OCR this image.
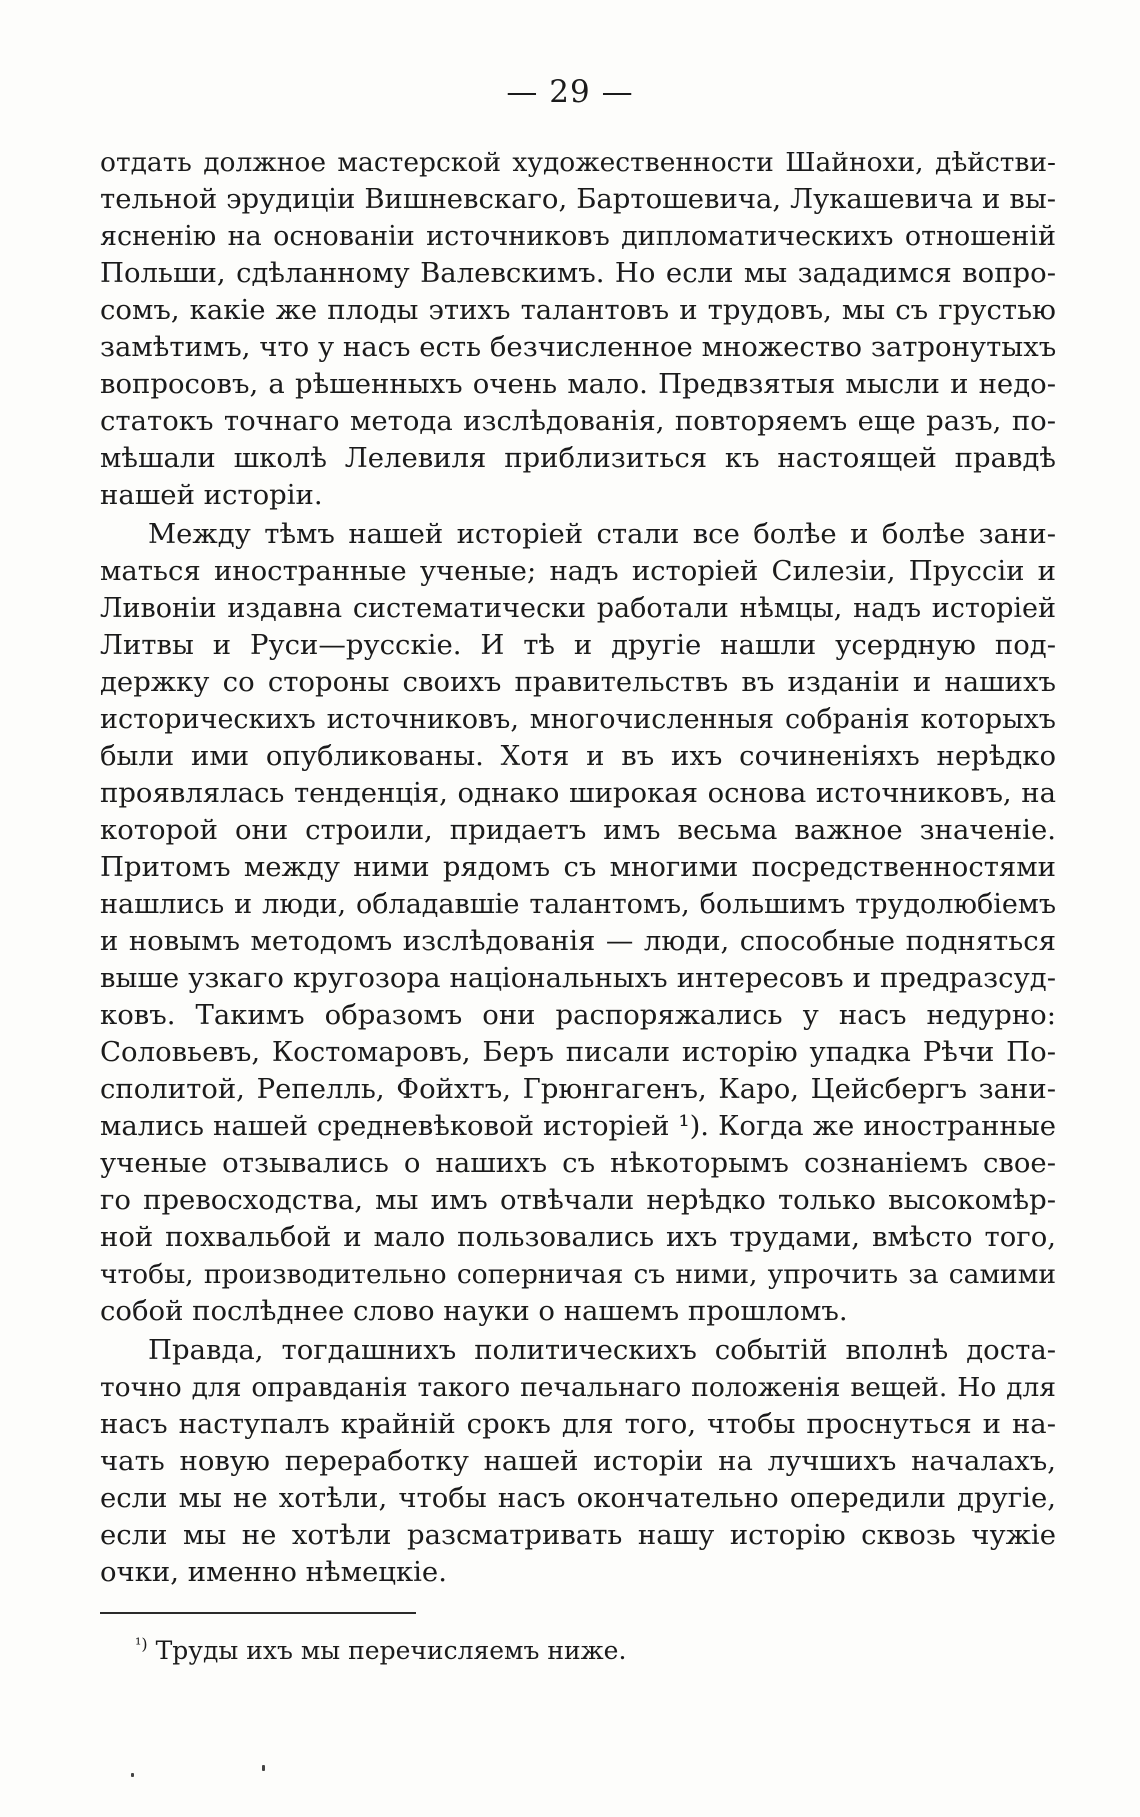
— 29 —
отдать должное мастерской художественности Шайнохи, дѣйстви-
тельной эрудиціи Вишневскаго, Бартошевича, Лукашевича и вы-
ясненію на основаніи источниковъ дипломатическихъ отношеній
Польши, сдѣланному Валевскимъ. Но если мы зададимся вопро-
сомъ, какіе же плоды этихъ талантовъ и трудовъ, мы съ грустью
замѣтимъ, что у насъ есть безчисленное множество затронутыхъ
вопросовъ, а рѣшенныхъ очень мало. Предвзятыя мысли и недо-
статокъ точнаго метода изслѣдованія, повторяемъ еще разъ, по-
мѣшали школѣ Лелевиля приблизиться къ настоящей правдѣ
нашей исторіи.
Между тѣмъ нашей исторіей стали все болѣе и болѣе зани-
маться иностранные ученые; надъ исторіей Силезіи, Пруссіи и
Ливоніи издавна систематически работали нѣмцы, надъ исторіей
Литвы и Руси—русскіе. И тѣ и другіе нашли усердную под-
держку со стороны своихъ правительствъ въ изданіи и нашихъ
историческихъ источниковъ, многочисленныя собранія которыхъ
были ими опубликованы. Хотя и въ ихъ сочиненіяхъ нерѣдко
проявлялась тенденція, однако широкая основа источниковъ, на
которой они строили, придаетъ имъ весьма важное значеніе.
Притомъ между ними рядомъ съ многими посредственностями
нашлись и люди, обладавшіе талантомъ, большимъ трудолюбіемъ
и новымъ методомъ изслѣдованія — люди, способные подняться
выше узкаго кругозора національныхъ интересовъ и предразсуд-
ковъ. Такимъ образомъ они распоряжались у насъ недурно:
Соловьевъ, Костомаровъ, Беръ писали исторію упадка Рѣчи По-
сполитой, Репелль, Фойхтъ, Грюнгагенъ, Каро, Цейсбергъ зани-
мались нашей средневѣковой исторіей ¹). Когда же иностранные
ученые отзывались о нашихъ съ нѣкоторымъ сознаніемъ свое-
го превосходства, мы имъ отвѣчали нерѣдко только высокомѣр-
ной похвальбой и мало пользовались ихъ трудами, вмѣсто того,
чтобы, производительно соперничая съ ними, упрочить за самими
собой послѣднее слово науки о нашемъ прошломъ.
Правда, тогдашнихъ политическихъ событій вполнѣ доста-
точно для оправданія такого печальнаго положенія вещей. Но для
насъ наступалъ крайній срокъ для того, чтобы проснуться и на-
чать новую переработку нашей исторіи на лучшихъ началахъ,
если мы не хотѣли, чтобы насъ окончательно опередили другіе,
если мы не хотѣли разсматривать нашу исторію сквозь чужіе
очки, именно нѣмецкіе.
$^{^1)}$ Труды ихъ мы перечисляемъ ниже.
